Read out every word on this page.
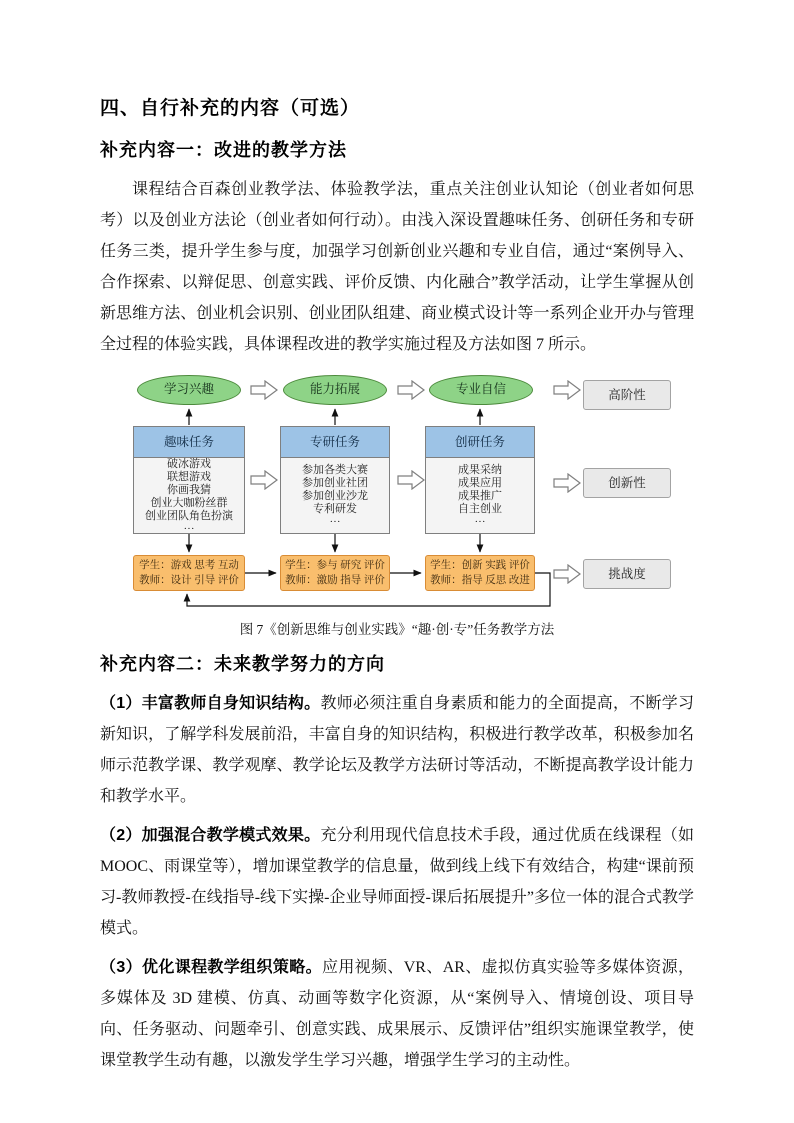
四、自行补充的内容（可选）
补充内容一：改进的教学方法

课程结合百森创业教学法、体验教学法，重点关注创业认知论（创业者如何思考）以及创业方法论（创业者如何行动）。由浅入深设置趣味任务、创研任务和专研任务三类，提升学生参与度，加强学习创新创业兴趣和专业自信，通过“案例导入、合作探索、以辩促思、创意实践、评价反馈、内化融合”教学活动，让学生掌握从创新思维方法、创业机会识别、创业团队组建、商业模式设计等一系列企业开办与管理全过程的体验实践，具体课程改进的教学实施过程及方法如图 7 所示。

学习兴趣	能力拓展	专业自信	高阶性
创新性
挑战度
趣味任务
破冰游戏
联想游戏
你画我猜
创业大咖粉丝群
创业团队角色扮演
···
专研任务
参加各类大赛
参加创业社团
参加创业沙龙
专利研发
···
创研任务
成果采纳
成果应用
成果推广
自主创业
···
学生：游戏 思考 互动
教师：设计 引导 评价
学生：参与 研究 评价
教师：激励 指导 评价
学生：创新 实践 评价
教师：指导 反思 改进
图 7《创新思维与创业实践》“趣·创·专”任务教学方法
补充内容二：未来教学努力的方向

（1）丰富教师自身知识结构。教师必须注重自身素质和能力的全面提高，不断学习新知识，了解学科发展前沿，丰富自身的知识结构，积极进行教学改革，积极参加名师示范教学课、教学观摩、教学论坛及教学方法研讨等活动，不断提高教学设计能力和教学水平。

（2）加强混合教学模式效果。充分利用现代信息技术手段，通过优质在线课程（如 MOOC、雨课堂等），增加课堂教学的信息量，做到线上线下有效结合，构建“课前预习-教师教授-在线指导-线下实操-企业导师面授-课后拓展提升”多位一体的混合式教学模式。

（3）优化课程教学组织策略。应用视频、VR、AR、虚拟仿真实验等多媒体资源，多媒体及 3D 建模、仿真、动画等数字化资源，从“案例导入、情境创设、项目导向、任务驱动、问题牵引、创意实践、成果展示、反馈评估”组织实施课堂教学，使课堂教学生动有趣，以激发学生学习兴趣，增强学生学习的主动性。
